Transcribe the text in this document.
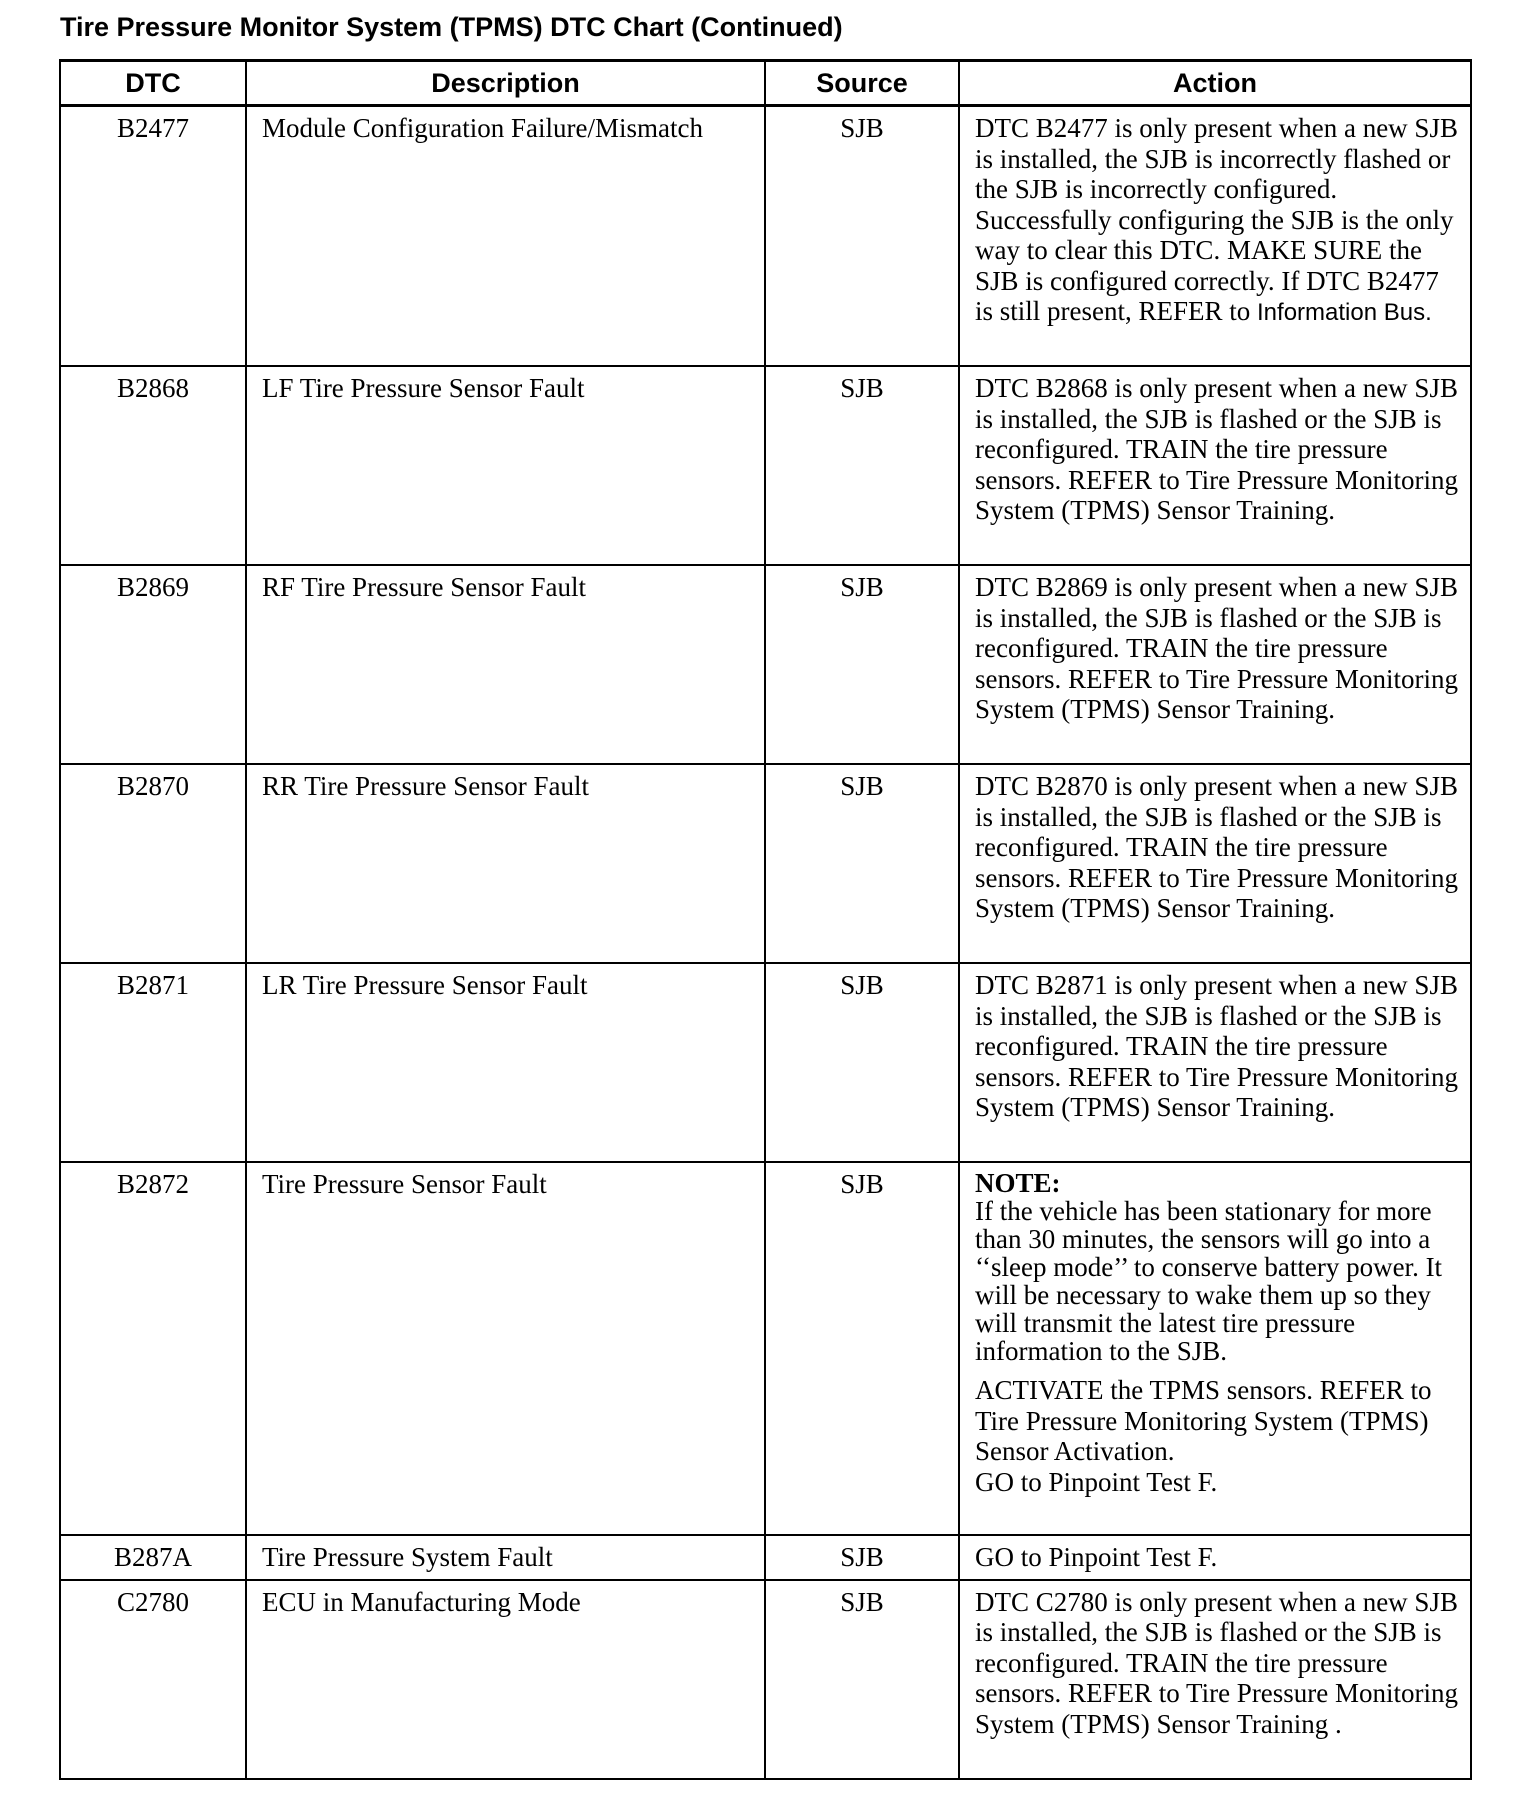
Tire Pressure Monitor System (TPMS) DTC Chart (Continued)
DTC	Description	Source	Action
B2477	Module Configuration Failure/Mismatch	SJB	DTC B2477 is only present when a new SJB is installed, the SJB is incorrectly flashed or the SJB is incorrectly configured. Successfully configuring the SJB is the only way to clear this DTC. MAKE SURE the SJB is configured correctly. If DTC B2477 is still present, REFER to Information Bus.
B2868	LF Tire Pressure Sensor Fault	SJB	DTC B2868 is only present when a new SJB is installed, the SJB is flashed or the SJB is reconfigured. TRAIN the tire pressure sensors. REFER to Tire Pressure Monitoring System (TPMS) Sensor Training.
B2869	RF Tire Pressure Sensor Fault	SJB	DTC B2869 is only present when a new SJB is installed, the SJB is flashed or the SJB is reconfigured. TRAIN the tire pressure sensors. REFER to Tire Pressure Monitoring System (TPMS) Sensor Training.
B2870	RR Tire Pressure Sensor Fault	SJB	DTC B2870 is only present when a new SJB is installed, the SJB is flashed or the SJB is reconfigured. TRAIN the tire pressure sensors. REFER to Tire Pressure Monitoring System (TPMS) Sensor Training.
B2871	LR Tire Pressure Sensor Fault	SJB	DTC B2871 is only present when a new SJB is installed, the SJB is flashed or the SJB is reconfigured. TRAIN the tire pressure sensors. REFER to Tire Pressure Monitoring System (TPMS) Sensor Training.
B2872	Tire Pressure Sensor Fault	SJB	NOTE:
If the vehicle has been stationary for more than 30 minutes, the sensors will go into a ‘‘sleep mode’’ to conserve battery power. It will be necessary to wake them up so they will transmit the latest tire pressure information to the SJB.
ACTIVATE the TPMS sensors. REFER to Tire Pressure Monitoring System (TPMS) Sensor Activation.
GO to Pinpoint Test F.

B287A	Tire Pressure System Fault	SJB	GO to Pinpoint Test F.
C2780	ECU in Manufacturing Mode	SJB	DTC C2780 is only present when a new SJB is installed, the SJB is flashed or the SJB is reconfigured. TRAIN the tire pressure sensors. REFER to Tire Pressure Monitoring System (TPMS) Sensor Training .
